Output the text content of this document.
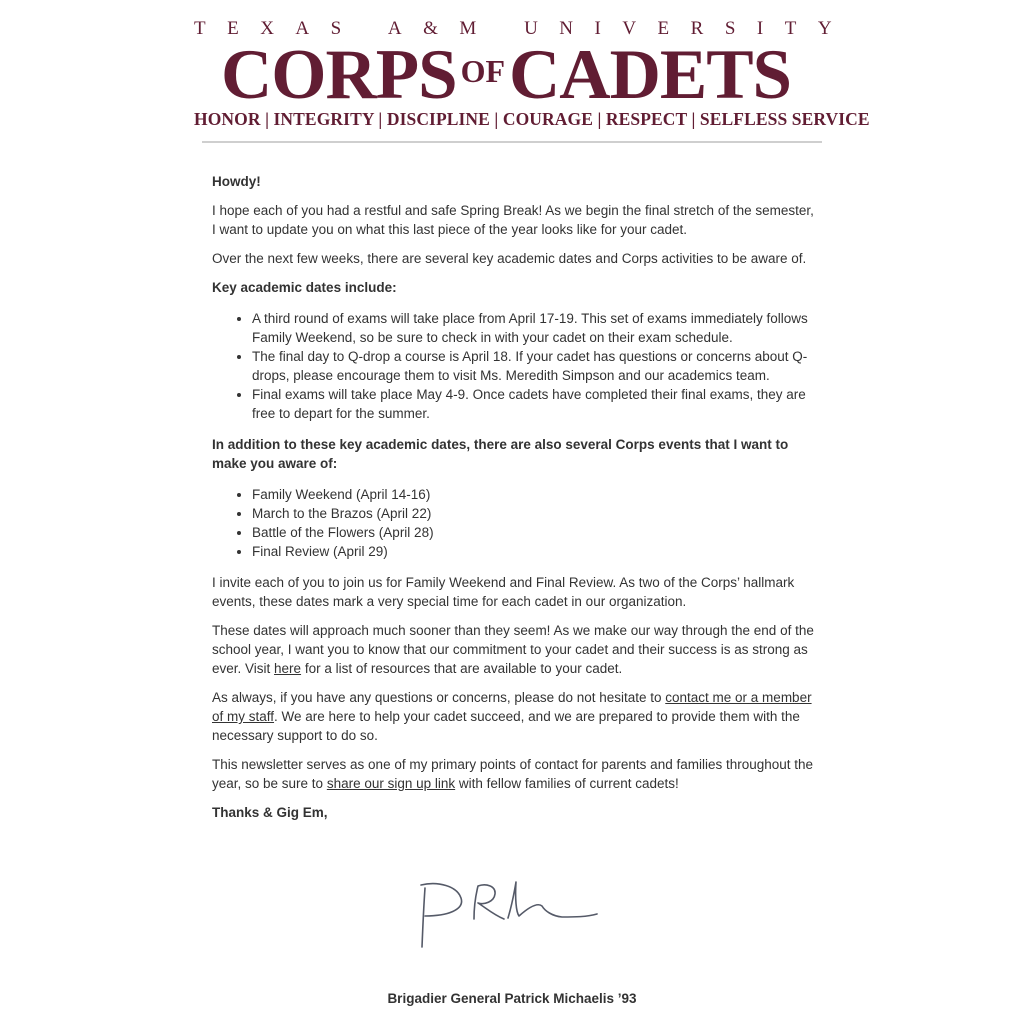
TEXAS A&M UNIVERSITY
CORPS $^{OF}$CADETS
HONOR | INTEGRITY | DISCIPLINE | COURAGE | RESPECT | SELFLESS SERVICE

Howdy!

I hope each of you had a restful and safe Spring Break! As we begin the final stretch of the semester, I want to update you on what this last piece of the year looks like for your cadet.

Over the next few weeks, there are several key academic dates and Corps activities to be aware of.

Key academic dates include:

• A third round of exams will take place from April 17-19. This set of exams immediately follows Family Weekend, so be sure to check in with your cadet on their exam schedule.
• The final day to Q-drop a course is April 18. If your cadet has questions or concerns about Q-drops, please encourage them to visit Ms. Meredith Simpson and our academics team.
• Final exams will take place May 4-9. Once cadets have completed their final exams, they are free to depart for the summer.

In addition to these key academic dates, there are also several Corps events that I want to make you aware of:

• Family Weekend (April 14-16)
• March to the Brazos (April 22)
• Battle of the Flowers (April 28)
• Final Review (April 29)

I invite each of you to join us for Family Weekend and Final Review. As two of the Corps’ hallmark events, these dates mark a very special time for each cadet in our organization.

These dates will approach much sooner than they seem! As we make our way through the end of the school year, I want you to know that our commitment to your cadet and their success is as strong as ever. Visit here for a list of resources that are available to your cadet.

As always, if you have any questions or concerns, please do not hesitate to contact me or a member of my staff. We are here to help your cadet succeed, and we are prepared to provide them with the necessary support to do so.

This newsletter serves as one of my primary points of contact for parents and families throughout the year, so be sure to share our sign up link with fellow families of current cadets!

Thanks & Gig Em,

Brigadier General Patrick Michaelis ’93
